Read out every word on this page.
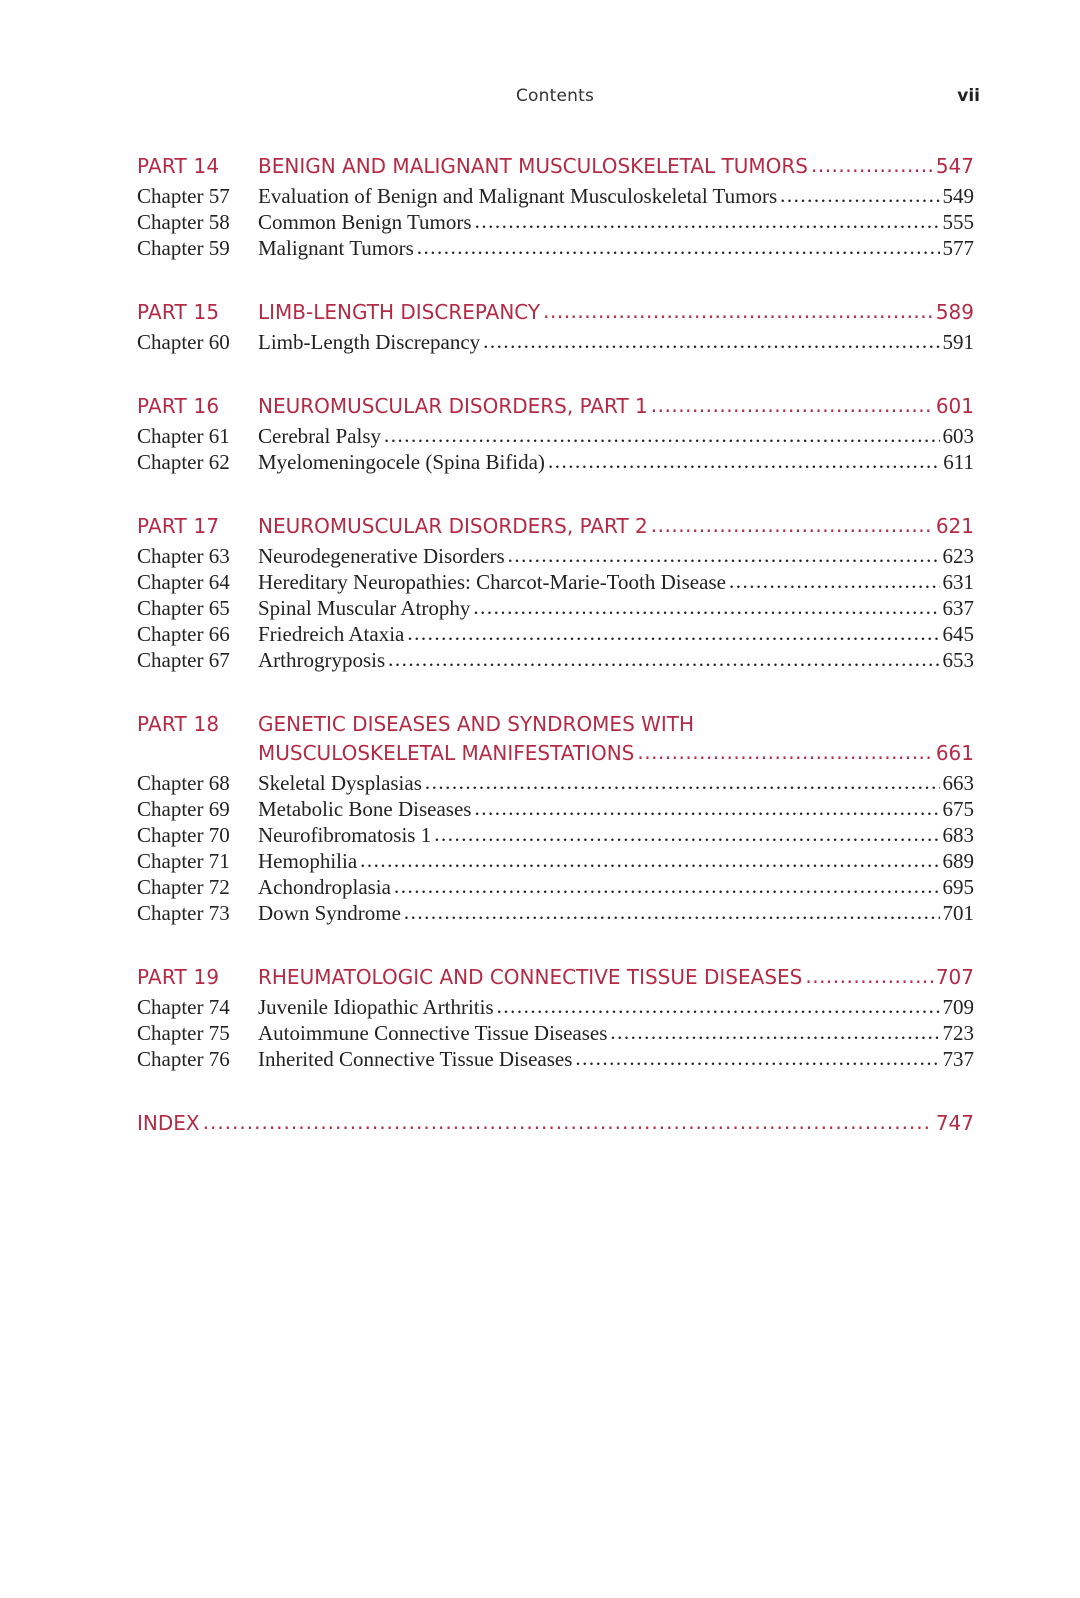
Contents	vii
PART 14	BENIGN AND MALIGNANT MUSCULOSKELETAL TUMORS .....	547
Chapter 57	Evaluation of Benign and Malignant Musculoskeletal Tumors .....	549
Chapter 58	Common Benign Tumors .....	555
Chapter 59	Malignant Tumors .....	577
PART 15	LIMB-LENGTH DISCREPANCY .....	589
Chapter 60	Limb-Length Discrepancy .....	591
PART 16	NEUROMUSCULAR DISORDERS, PART 1 .....	601
Chapter 61	Cerebral Palsy .....	603
Chapter 62	Myelomeningocele (Spina Bifida) .....	611
PART 17	NEUROMUSCULAR DISORDERS, PART 2 .....	621
Chapter 63	Neurodegenerative Disorders .....	623
Chapter 64	Hereditary Neuropathies: Charcot-Marie-Tooth Disease .....	631
Chapter 65	Spinal Muscular Atrophy .....	637
Chapter 66	Friedreich Ataxia .....	645
Chapter 67	Arthrogryposis .....	653
PART 18	GENETIC DISEASES AND SYNDROMES WITH
MUSCULOSKELETAL MANIFESTATIONS .....	661
Chapter 68	Skeletal Dysplasias .....	663
Chapter 69	Metabolic Bone Diseases .....	675
Chapter 70	Neurofibromatosis 1 .....	683
Chapter 71	Hemophilia .....	689
Chapter 72	Achondroplasia .....	695
Chapter 73	Down Syndrome .....	701
PART 19	RHEUMATOLOGIC AND CONNECTIVE TISSUE DISEASES .....	707
Chapter 74	Juvenile Idiopathic Arthritis .....	709
Chapter 75	Autoimmune Connective Tissue Diseases .....	723
Chapter 76	Inherited Connective Tissue Diseases .....	737
INDEX .....	747
